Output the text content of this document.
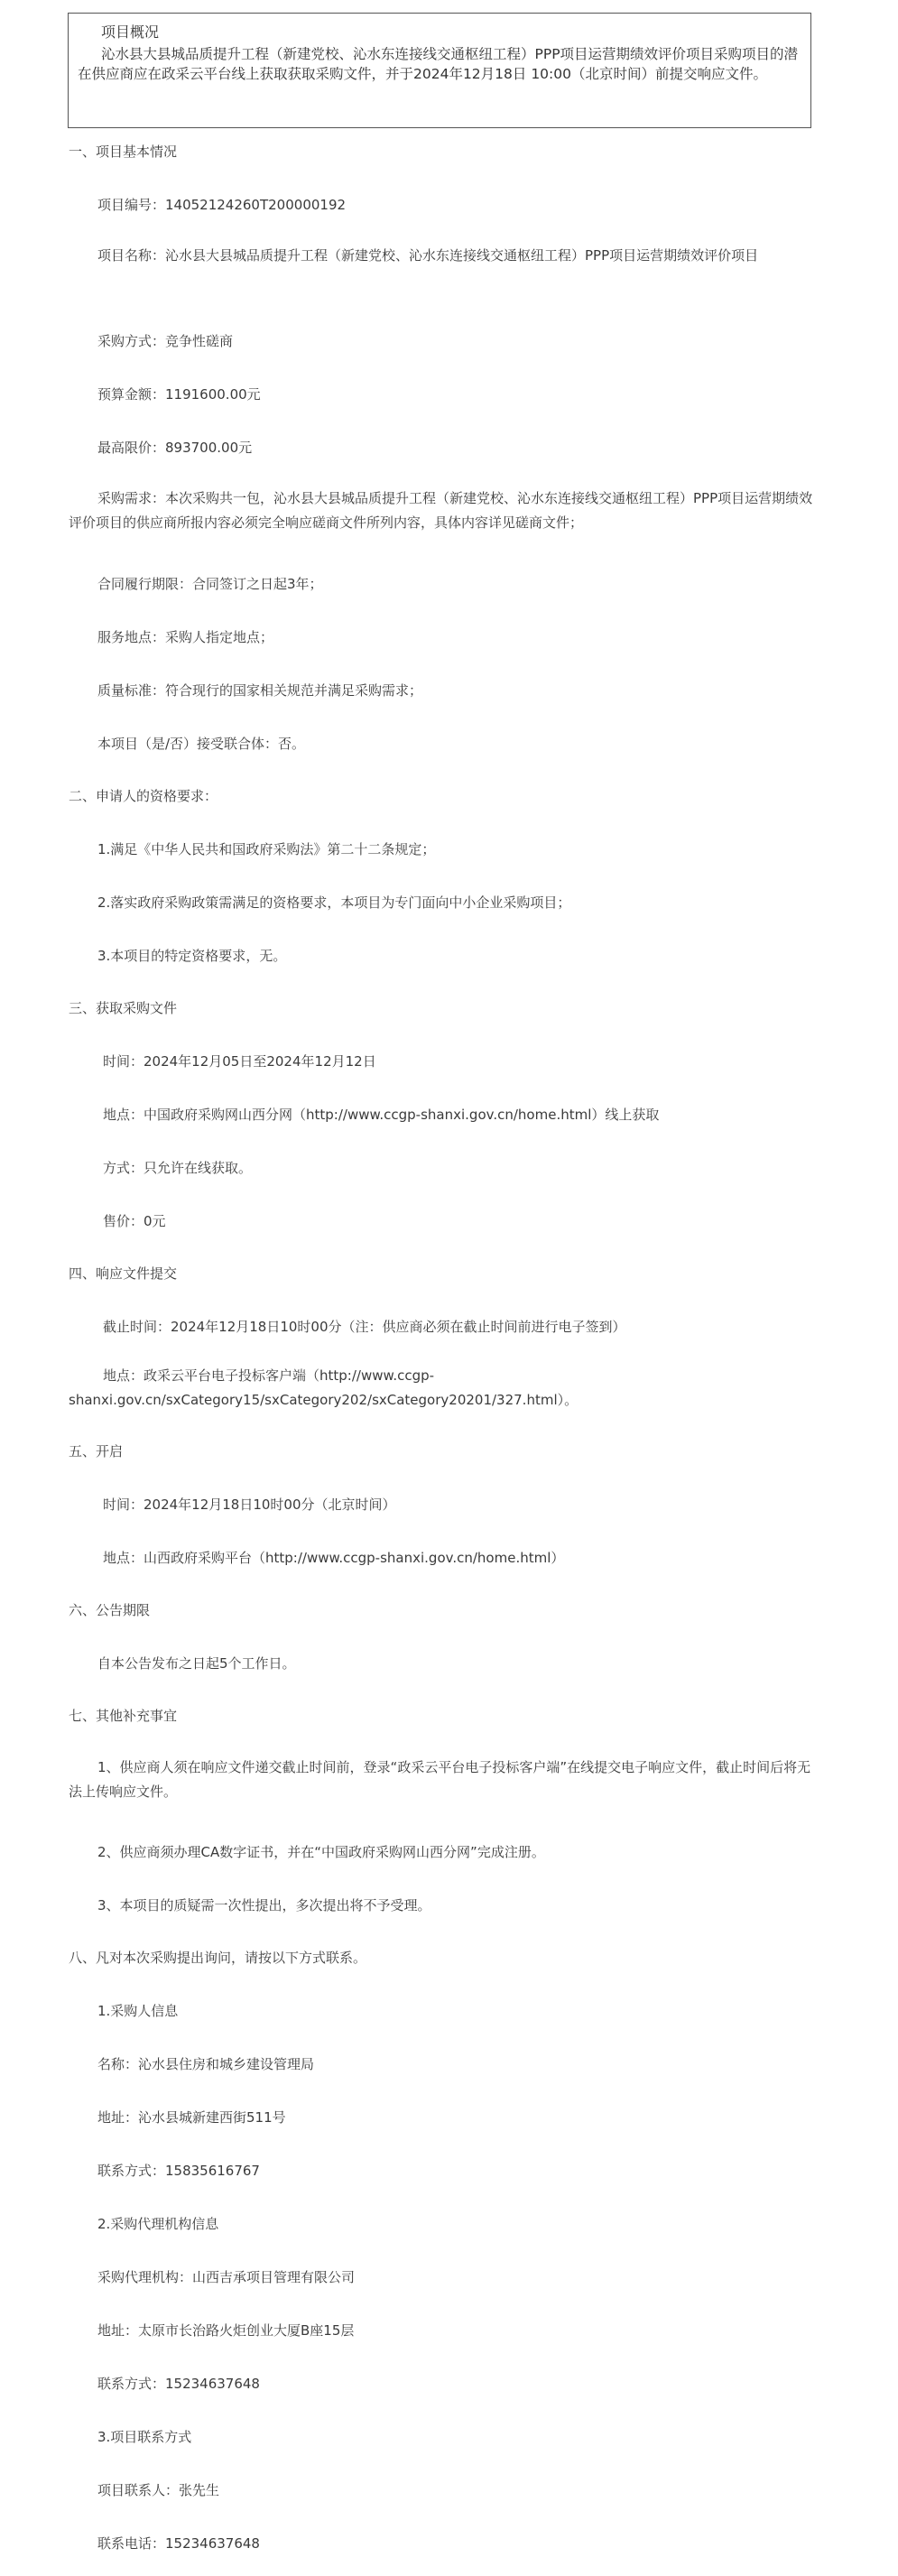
项目概况
沁水县大县城品质提升工程（新建党校、沁水东连接线交通枢纽工程）PPP项目运营期绩效评价项目采购项目的潜在供应商应在政采云平台线上获取获取采购文件，并于2024年12月18日 10:00（北京时间）前提交响应文件。
一、项目基本情况
项目编号：14052124260T200000192
项目名称：沁水县大县城品质提升工程（新建党校、沁水东连接线交通枢纽工程）PPP项目运营期绩效评价项目
采购方式：竞争性磋商
预算金额：1191600.00元
最高限价：893700.00元
采购需求：本次采购共一包，沁水县大县城品质提升工程（新建党校、沁水东连接线交通枢纽工程）PPP项目运营期绩效评价项目的供应商所报内容必须完全响应磋商文件所列内容，具体内容详见磋商文件；
合同履行期限：合同签订之日起3年；
服务地点：采购人指定地点；
质量标准：符合现行的国家相关规范并满足采购需求；
本项目（是/否）接受联合体：否。
二、申请人的资格要求：
1.满足《中华人民共和国政府采购法》第二十二条规定；
2.落实政府采购政策需满足的资格要求，本项目为专门面向中小企业采购项目；
3.本项目的特定资格要求，无。
三、获取采购文件
时间：2024年12月05日至2024年12月12日
地点：中国政府采购网山西分网（http://www.ccgp-shanxi.gov.cn/home.html）线上获取
方式：只允许在线获取。
售价：0元
四、响应文件提交
截止时间：2024年12月18日10时00分（注：供应商必须在截止时间前进行电子签到）
地点：政采云平台电子投标客户端（http://www.ccgp-
shanxi.gov.cn/sxCategory15/sxCategory202/sxCategory20201/327.html）。
五、开启
时间：2024年12月18日10时00分（北京时间）
地点：山西政府采购平台（http://www.ccgp-shanxi.gov.cn/home.html）
六、公告期限
自本公告发布之日起5个工作日。
七、其他补充事宜
1、供应商人须在响应文件递交截止时间前，登录“政采云平台电子投标客户端”在线提交电子响应文件，截止时间后将无法上传响应文件。
2、供应商须办理CA数字证书，并在“中国政府采购网山西分网”完成注册。
3、本项目的质疑需一次性提出，多次提出将不予受理。
八、凡对本次采购提出询问，请按以下方式联系。
1.采购人信息
名称：沁水县住房和城乡建设管理局
地址：沁水县城新建西街511号
联系方式：15835616767
2.采购代理机构信息
采购代理机构：山西吉承项目管理有限公司
地址：太原市长治路火炬创业大厦B座15层
联系方式：15234637648
3.项目联系方式
项目联系人：张先生
联系电话：15234637648
